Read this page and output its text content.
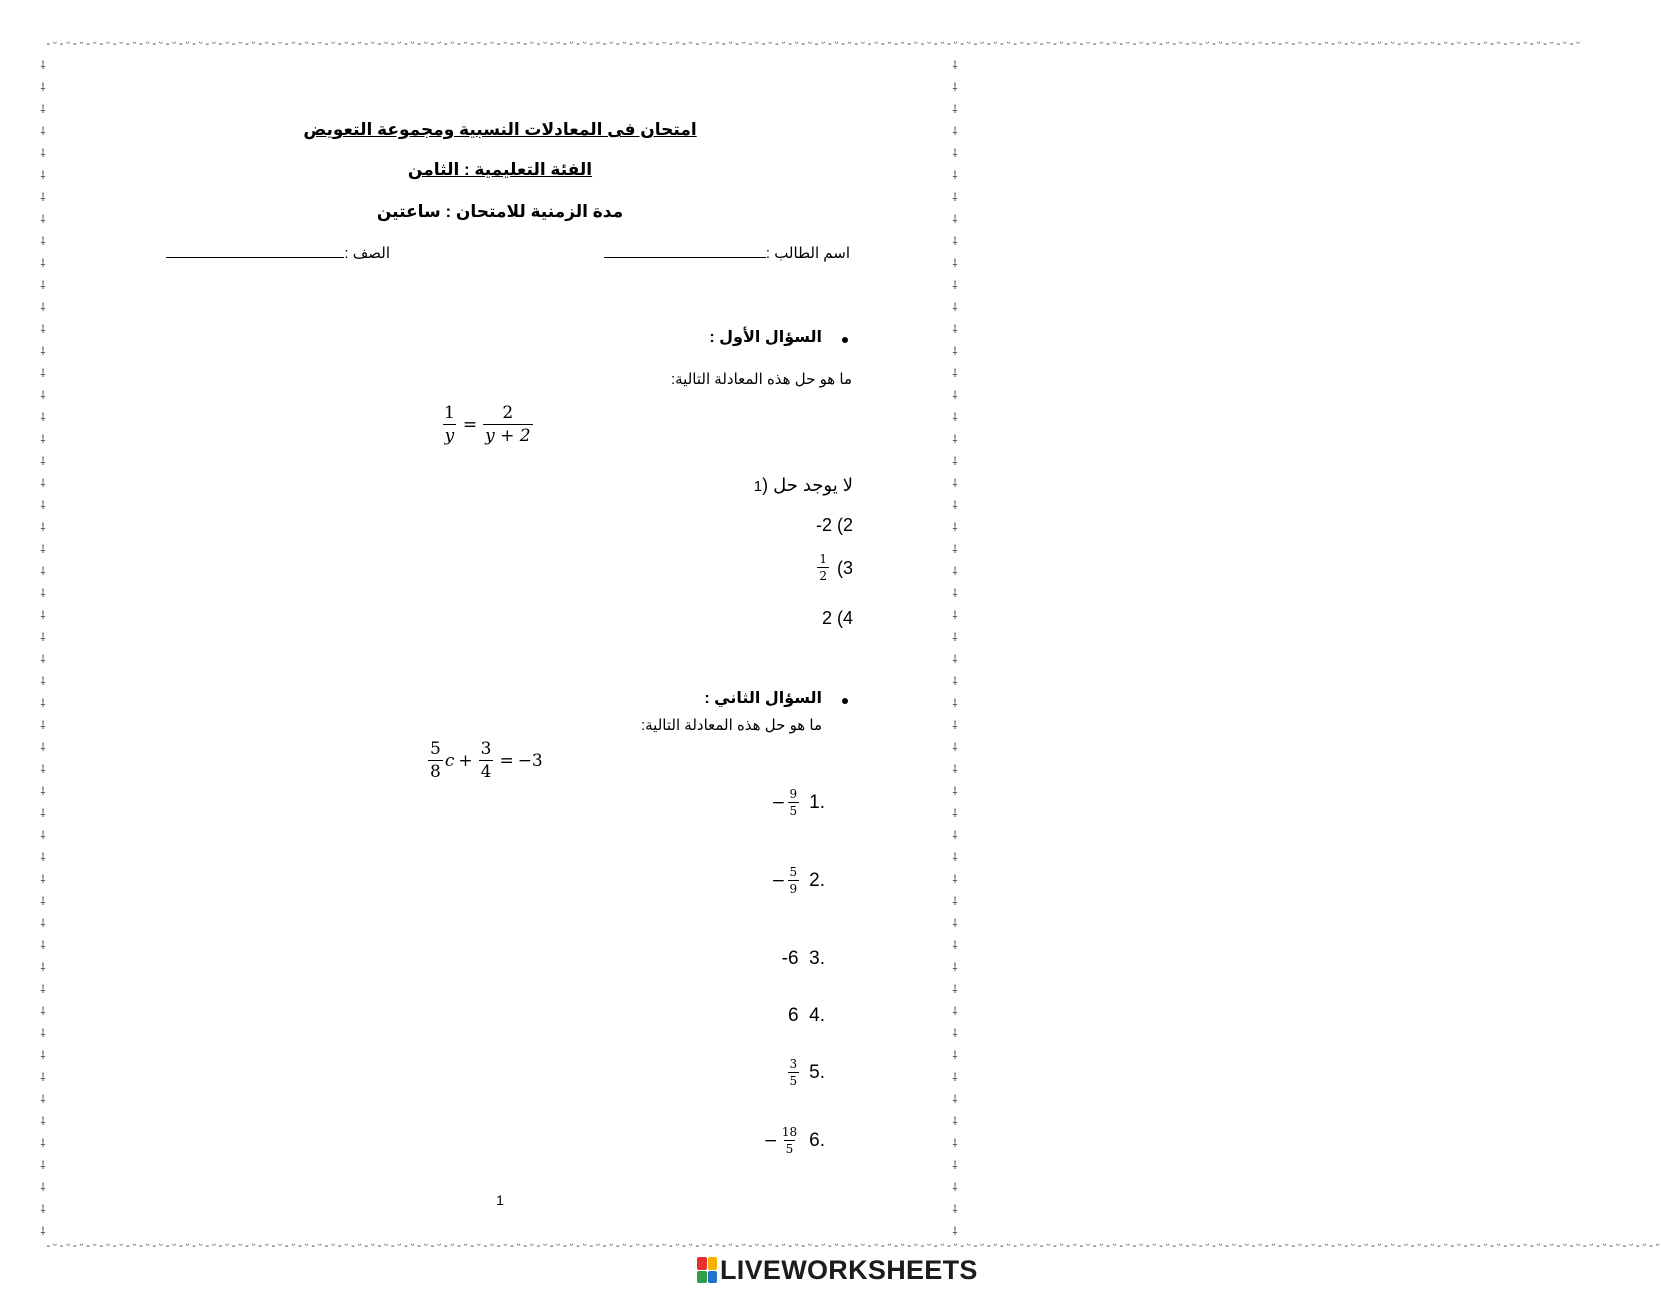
-ᵕ-ᵕ-ᵕ-ᵕ-ᵕ-ᵕ-ᵕ-ᵕ-ᵕ-ᵕ-ᵕ-ᵕ-ᵕ-ᵕ-ᵕ-ᵕ-ᵕ-ᵕ-ᵕ-ᵕ-ᵕ-ᵕ-ᵕ-ᵕ-ᵕ-ᵕ-ᵕ-ᵕ-ᵕ-ᵕ-ᵕ-ᵕ-ᵕ-ᵕ-ᵕ-ᵕ-ᵕ-ᵕ-ᵕ-ᵕ-ᵕ-ᵕ-ᵕ-ᵕ-ᵕ-ᵕ-ᵕ-ᵕ-ᵕ-ᵕ-ᵕ-ᵕ-ᵕ-ᵕ-ᵕ-ᵕ-ᵕ-ᵕ-ᵕ-ᵕ-ᵕ-ᵕ-ᵕ-ᵕ-ᵕ-ᵕ-ᵕ-ᵕ-ᵕ-ᵕ-ᵕ-ᵕ-ᵕ-ᵕ-ᵕ-ᵕ-ᵕ-ᵕ-ᵕ-ᵕ-ᵕ-ᵕ-ᵕ-ᵕ-ᵕ-ᵕ-ᵕ-ᵕ-ᵕ-ᵕ-ᵕ-ᵕ-ᵕ-ᵕ-ᵕ-ᵕ-ᵕ-ᵕ-ᵕ-ᵕ-ᵕ-ᵕ-ᵕ-ᵕ-ᵕ-ᵕ-ᵕ-ᵕ-ᵕ-ᵕ-ᵕ-ᵕ-ᵕ-ᵕ-ᵕ-ᵕ
-ᵕ-ᵕ-ᵕ-ᵕ-ᵕ-ᵕ-ᵕ-ᵕ-ᵕ-ᵕ-ᵕ-ᵕ-ᵕ-ᵕ-ᵕ-ᵕ-ᵕ-ᵕ-ᵕ-ᵕ-ᵕ-ᵕ-ᵕ-ᵕ-ᵕ-ᵕ-ᵕ-ᵕ-ᵕ-ᵕ-ᵕ-ᵕ-ᵕ-ᵕ-ᵕ-ᵕ-ᵕ-ᵕ-ᵕ-ᵕ-ᵕ-ᵕ-ᵕ-ᵕ-ᵕ-ᵕ-ᵕ-ᵕ-ᵕ-ᵕ-ᵕ-ᵕ-ᵕ-ᵕ-ᵕ-ᵕ-ᵕ-ᵕ-ᵕ-ᵕ-ᵕ-ᵕ-ᵕ-ᵕ-ᵕ-ᵕ-ᵕ-ᵕ-ᵕ-ᵕ-ᵕ-ᵕ-ᵕ-ᵕ-ᵕ-ᵕ-ᵕ-ᵕ-ᵕ-ᵕ-ᵕ-ᵕ-ᵕ-ᵕ-ᵕ-ᵕ-ᵕ-ᵕ-ᵕ-ᵕ-ᵕ-ᵕ-ᵕ-ᵕ-ᵕ-ᵕ-ᵕ-ᵕ-ᵕ-ᵕ-ᵕ-ᵕ-ᵕ-ᵕ-ᵕ-ᵕ-ᵕ-ᵕ-ᵕ-ᵕ-ᵕ-ᵕ-ᵕ-ᵕ-ᵕ-ᵕ-ᵕ-ᵕ-ᵕ-ᵕ-ᵕ-ᵕ
⸸
⸸
⸸
⸸
⸸
⸸
⸸
⸸
⸸
⸸
⸸
⸸
⸸
⸸
⸸
⸸
⸸
⸸
⸸
⸸
⸸
⸸
⸸
⸸
⸸
⸸
⸸
⸸
⸸
⸸
⸸
⸸
⸸
⸸
⸸
⸸
⸸
⸸
⸸
⸸
⸸
⸸
⸸
⸸
⸸
⸸
⸸
⸸
⸸
⸸
⸸
⸸
⸸
⸸
⸸
⸸
⸸
⸸
⸸
⸸
⸸
⸸
⸸
⸸
⸸
⸸
⸸
⸸
⸸
⸸
⸸
⸸
⸸
⸸
⸸
⸸
⸸
⸸
⸸
⸸
⸸
⸸
⸸
⸸
⸸
⸸
⸸
⸸
⸸
⸸
⸸
⸸
⸸
⸸
⸸
⸸
⸸
⸸
⸸
⸸
⸸
⸸
⸸
⸸
⸸
⸸
⸸
⸸
امتحان فى المعادلات النسبية ومجموعة التعويض
الفئة التعليمية : الثامن
مدة الزمنية للامتحان : ساعتين
اسم الطالب :
الصف :
السؤال الأول :
ما هو حل هذه المعادلة التالية:
$\frac{1}{y} = \frac{2}{y + 2}$
لا يوجد حل (1
-2 (2
$\frac{1}{2}$ ( 3
2 (4
السؤال الثاني :
ما هو حل هذه المعادلة التالية:
$\frac{5}{8}$ $c + \frac{3}{4} = -3$
− $\frac{9}{5} 1$.
− $\frac{5}{9} 2$.
-6 3.
6 4.
$\frac{3}{5} 5$.
− $\frac{18}{5} 6$.
1
LIVEWORKSHEETS
